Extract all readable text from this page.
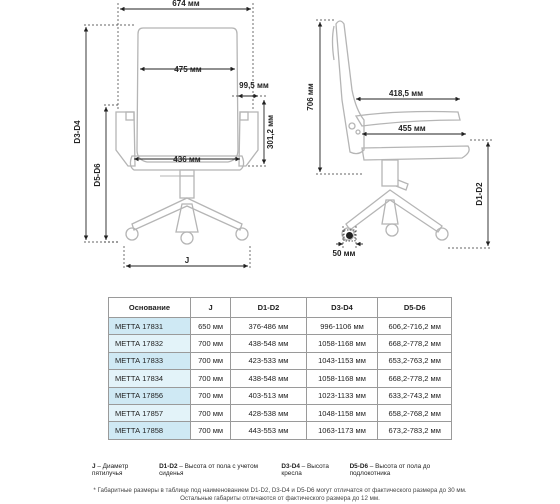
674 мм
475 мм
99,5 мм
436 мм
301,2 мм
D3-D4
D5-D6
J
706 мм	418,5 мм
455 мм
D1-D2
50 мм
Основание	J	D1-D2	D3-D4	D5-D6
МЕТТА 17831	650 мм	376-486 мм	996-1106 мм	606,2-716,2 мм
МЕТТА 17832	700 мм	438-548 мм	1058-1168 мм	668,2-778,2 мм
МЕТТА 17833	700 мм	423-533 мм	1043-1153 мм	653,2-763,2 мм
МЕТТА 17834	700 мм	438-548 мм	1058-1168 мм	668,2-778,2 мм
МЕТТА 17856	700 мм	403-513 мм	1023-1133 мм	633,2-743,2 мм
МЕТТА 17857	700 мм	428-538 мм	1048-1158 мм	658,2-768,2 мм
МЕТТА 17858	700 мм	443-553 мм	1063-1173 мм	673,2-783,2 мм
J – Диаметр пятилучья
D1-D2 – Высота от пола с учетом сиденья
D3-D4 – Высота кресла
D5-D6 – Высота от пола до подлокотника
* Габаритные размеры в таблице под наименованием D1-D2, D3-D4 и D5-D6 могут отличатся от фактического размера до 30 мм.
Остальные габариты отличаются от фактического размера до 12 мм.
